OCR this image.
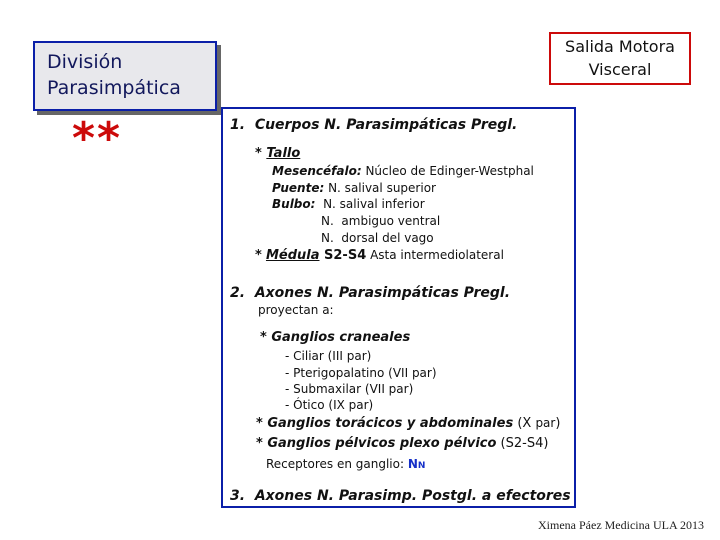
División
Parasimpática
**
Salida Motora
Visceral
1. Cuerpos N. Parasimpáticas Pregl.
* Tallo
Mesencéfalo: Núcleo de Edinger-Westphal
Puente: N. salival superior
Bulbo:  N. salival inferior
N.  ambiguo ventral
N.  dorsal del vago
* Médula S2-S4 Asta intermediolateral
2. Axones N. Parasimpáticas Pregl.
proyectan a:
* Ganglios craneales
- Ciliar (III par)
- Pterigopalatino (VII par)
- Submaxilar (VII par)
- Ótico (IX par)
* Ganglios torácicos y abdominales (X par)
* Ganglios pélvicos plexo pélvico (S2-S4)
Receptores en ganglio: NN
3. Axones N. Parasimp. Postgl. a efectores
Ximena Páez Medicina ULA 2013
